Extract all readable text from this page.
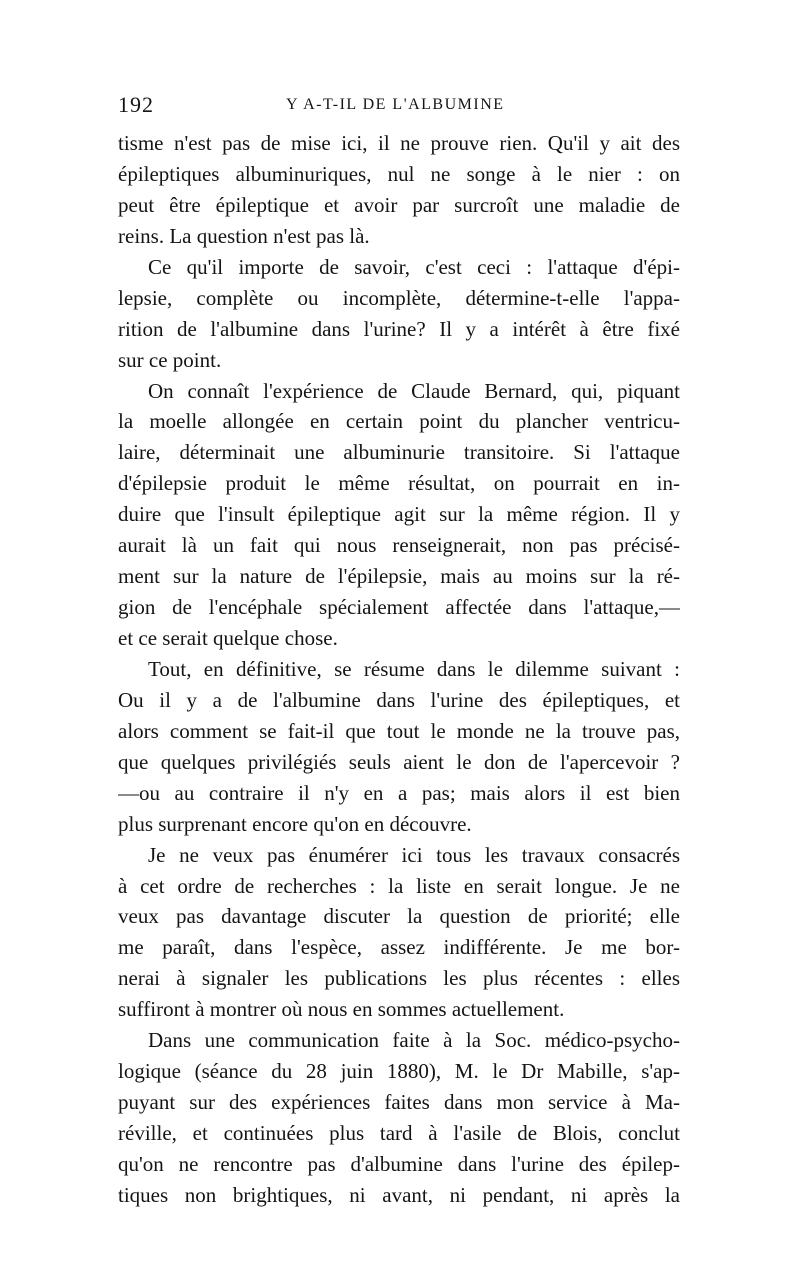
192	Y A-T-IL DE L'ALBUMINE
tisme n'est pas de mise ici, il ne prouve rien. Qu'il y ait des
épileptiques albuminuriques, nul ne songe à le nier : on
peut être épileptique et avoir par surcroît une maladie de
reins. La question n'est pas là.
Ce qu'il importe de savoir, c'est ceci : l'attaque d'épi-
lepsie, complète ou incomplète, détermine-t-elle l'appa-
rition de l'albumine dans l'urine? Il y a intérêt à être fixé
sur ce point.
On connaît l'expérience de Claude Bernard, qui, piquant
la moelle allongée en certain point du plancher ventricu-
laire, déterminait une albuminurie transitoire. Si l'attaque
d'épilepsie produit le même résultat, on pourrait en in-
duire que l'insult épileptique agit sur la même région. Il y
aurait là un fait qui nous renseignerait, non pas précisé-
ment sur la nature de l'épilepsie, mais au moins sur la ré-
gion de l'encéphale spécialement affectée dans l'attaque,—
et ce serait quelque chose.
Tout, en définitive, se résume dans le dilemme suivant :
Ou il y a de l'albumine dans l'urine des épileptiques, et
alors comment se fait-il que tout le monde ne la trouve pas,
que quelques privilégiés seuls aient le don de l'apercevoir ?
—ou au contraire il n'y en a pas; mais alors il est bien
plus surprenant encore qu'on en découvre.
Je ne veux pas énumérer ici tous les travaux consacrés
à cet ordre de recherches : la liste en serait longue. Je ne
veux pas davantage discuter la question de priorité; elle
me paraît, dans l'espèce, assez indifférente. Je me bor-
nerai à signaler les publications les plus récentes : elles
suffiront à montrer où nous en sommes actuellement.
Dans une communication faite à la Soc. médico-psycho-
logique (séance du 28 juin 1880), M. le Dr Mabille, s'ap-
puyant sur des expériences faites dans mon service à Ma-
réville, et continuées plus tard à l'asile de Blois, conclut
qu'on ne rencontre pas d'albumine dans l'urine des épilep-
tiques non brightiques, ni avant, ni pendant, ni après la
